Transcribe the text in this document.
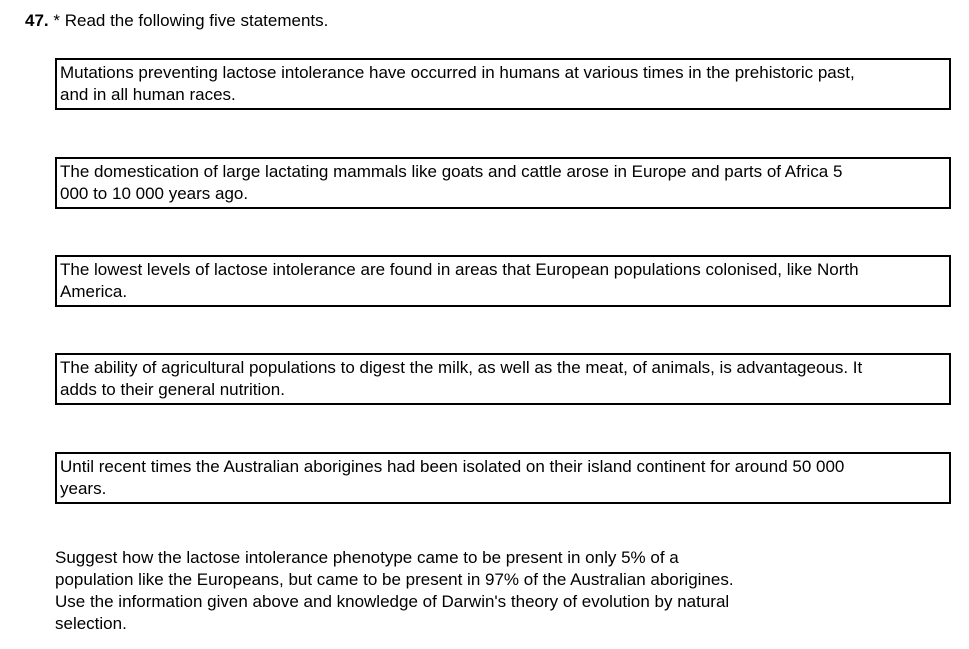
47. * Read the following five statements.
Mutations preventing lactose intolerance have occurred in humans at various times in the prehistoric past,
and in all human races.
The domestication of large lactating mammals like goats and cattle arose in Europe and parts of Africa 5
000 to 10 000 years ago.
The lowest levels of lactose intolerance are found in areas that European populations colonised, like North
America.
The ability of agricultural populations to digest the milk, as well as the meat, of animals, is advantageous. It
adds to their general nutrition.
Until recent times the Australian aborigines had been isolated on their island continent for around 50 000
years.
Suggest how the lactose intolerance phenotype came to be present in only 5% of a
population like the Europeans, but came to be present in 97% of the Australian aborigines.
Use the information given above and knowledge of Darwin's theory of evolution by natural
selection.
